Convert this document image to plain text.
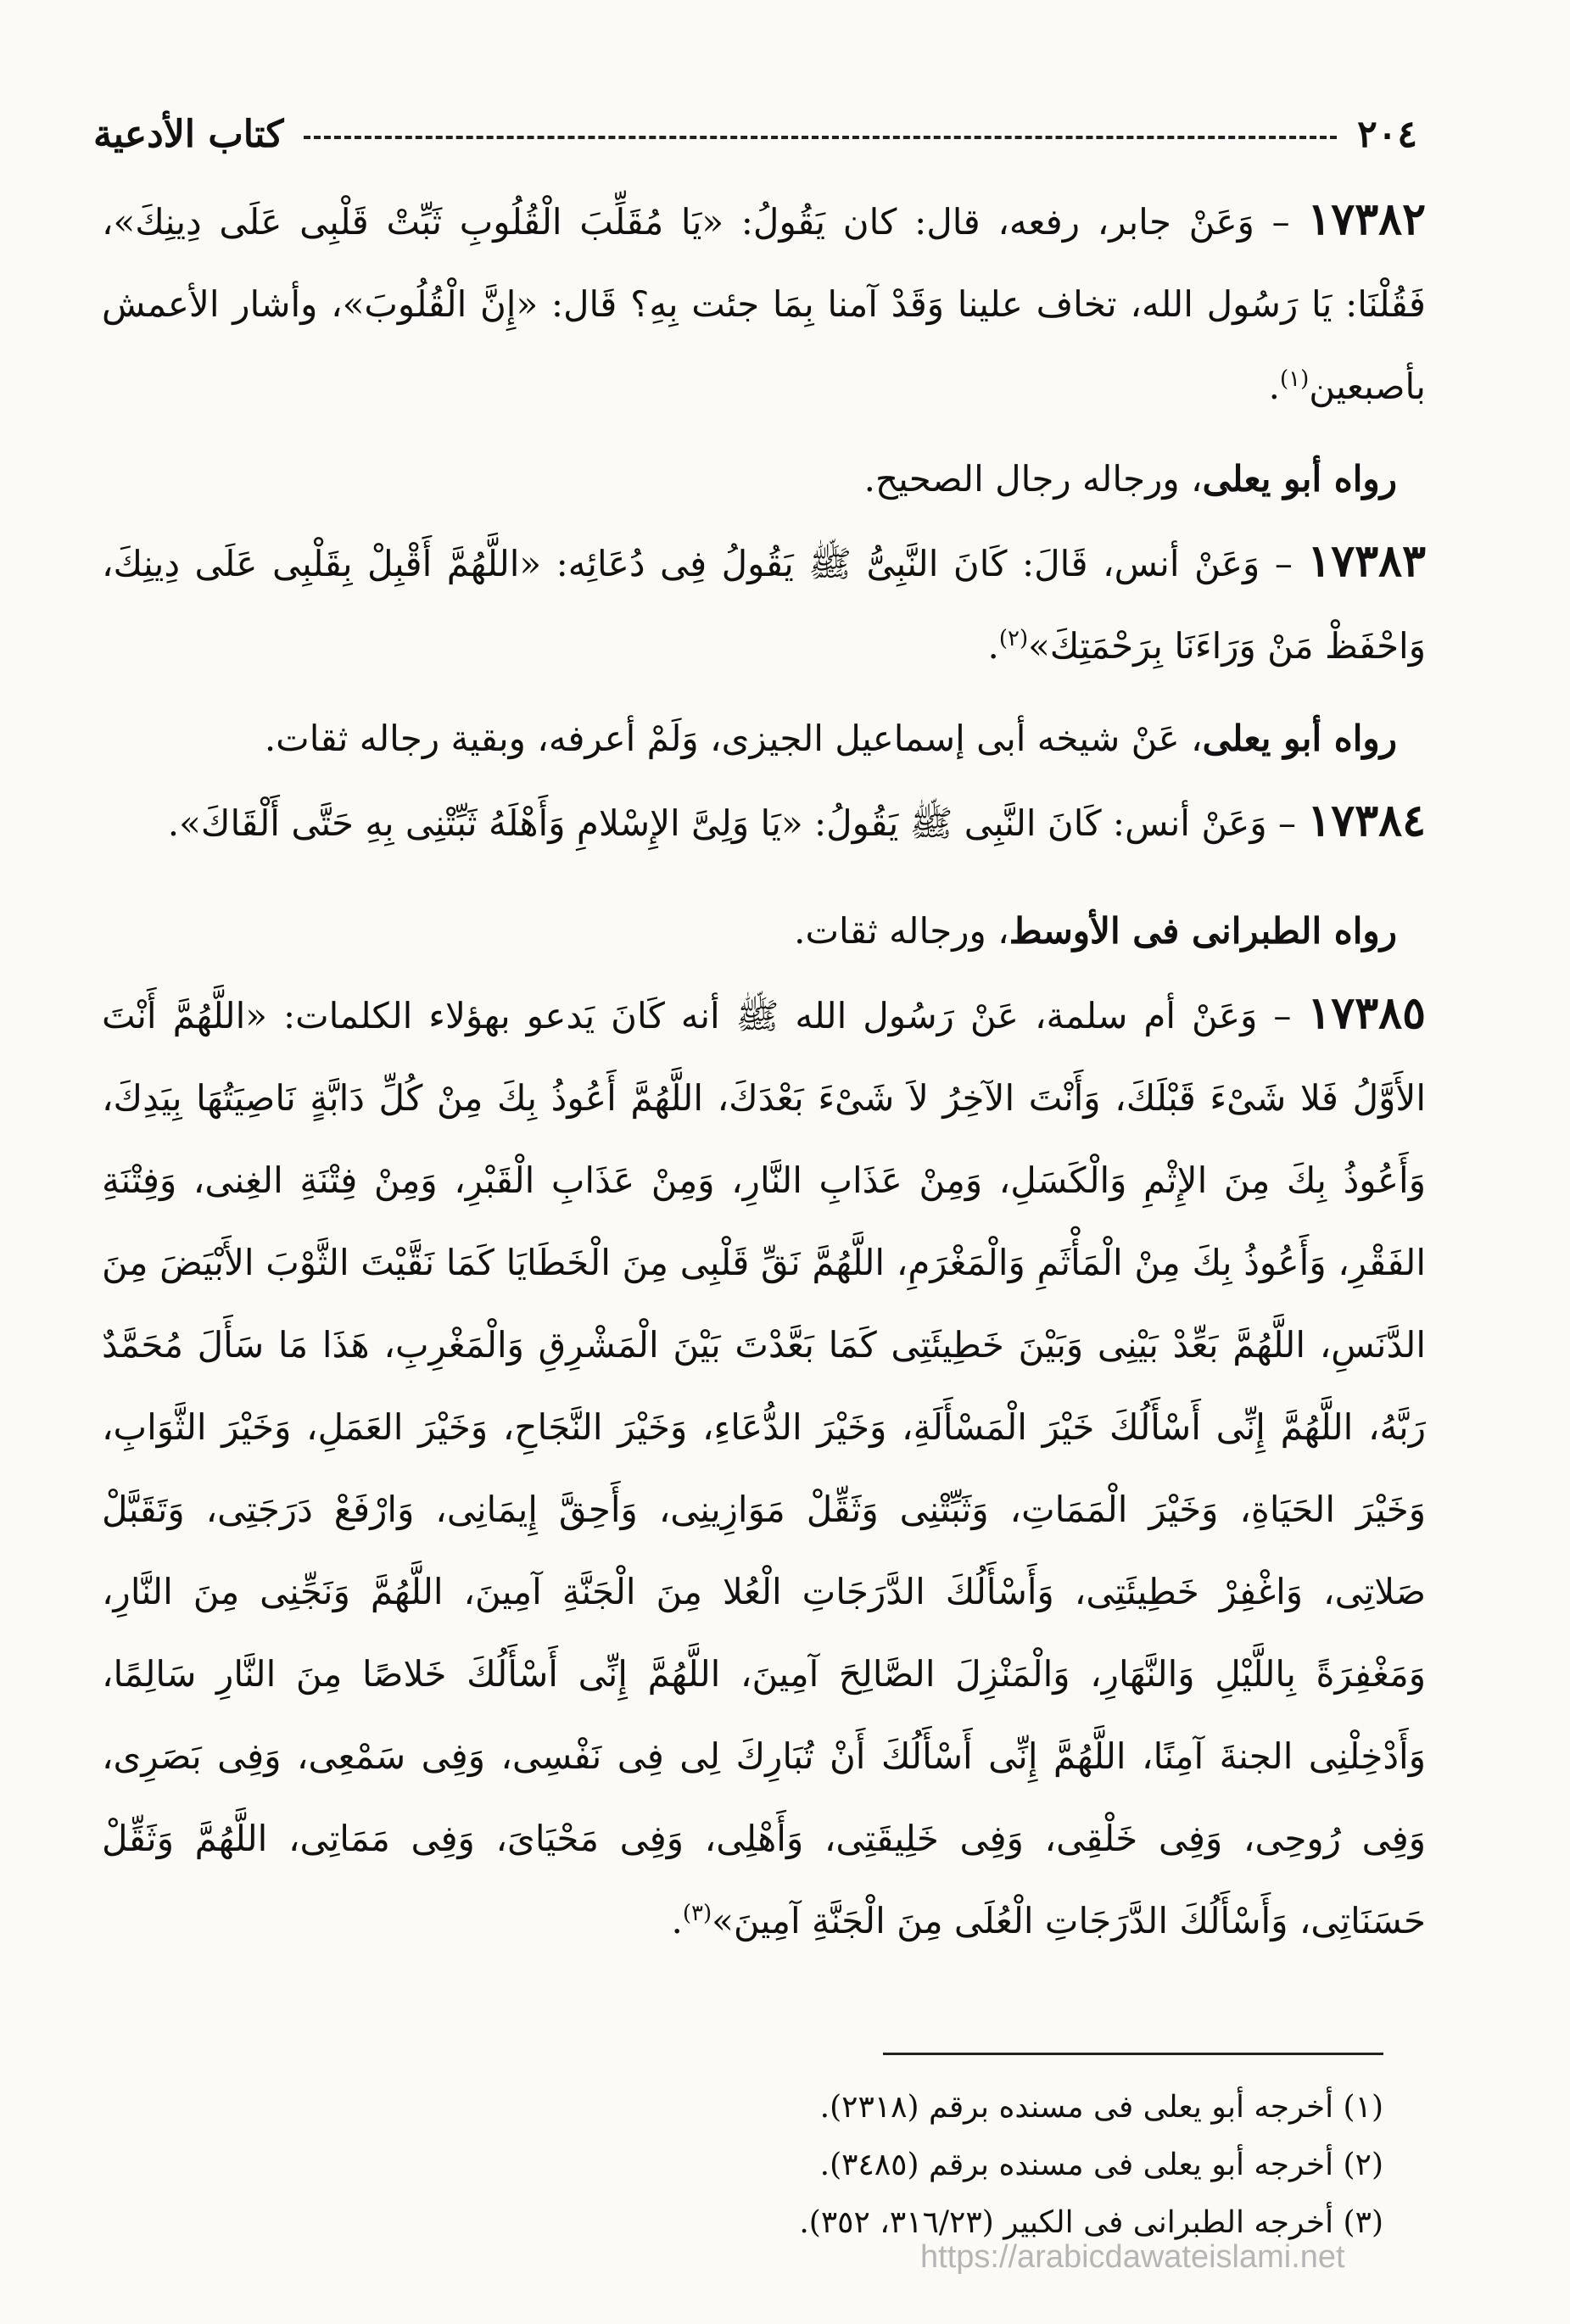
٢٠٤
كتاب الأدعية

١٧٣٨٢ – وَعَنْ جابر، رفعه، قال: كان يَقُولُ: «يَا مُقَلِّبَ الْقُلُوبِ ثَبِّتْ قَلْبِى عَلَى دِينِكَ»، فَقُلْنَا: يَا رَسُول الله، تخاف علينا وَقَدْ آمنا بِمَا جئت بِهِ؟ قَال: «إِنَّ الْقُلُوبَ»، وأشار الأعمش بأصبعين$^{(١)}$.

رواه أبو يعلى، ورجاله رجال الصحيح.

١٧٣٨٣ – وَعَنْ أنس، قَالَ: كَانَ النَّبِىُّ ﷺ يَقُولُ فِى دُعَائِه: «اللَّهُمَّ أَقْبِلْ بِقَلْبِى عَلَى دِينِكَ، وَاحْفَظْ مَنْ وَرَاءَنَا بِرَحْمَتِكَ»$^{(٢)}$.

رواه أبو يعلى، عَنْ شيخه أبى إسماعيل الجيزى، وَلَمْ أعرفه، وبقية رجاله ثقات.

١٧٣٨٤ – وَعَنْ أنس: كَانَ النَّبِى ﷺ يَقُولُ: «يَا وَلِىَّ الإِسْلامِ وَأَهْلَهُ ثَبِّتْنِى بِهِ حَتَّى أَلْقَاكَ».

رواه الطبرانى فى الأوسط، ورجاله ثقات.

١٧٣٨٥ – وَعَنْ أم سلمة، عَنْ رَسُول الله ﷺ أنه كَانَ يَدعو بهؤلاء الكلمات: «اللَّهُمَّ أَنْتَ الأَوَّلُ فَلا شَىْءَ قَبْلَكَ، وَأَنْتَ الآخِرُ لاَ شَىْءَ بَعْدَكَ، اللَّهُمَّ أَعُوذُ بِكَ مِنْ كُلِّ دَابَّةٍ نَاصِيَتُهَا بِيَدِكَ، وَأَعُوذُ بِكَ مِنَ الإِثْمِ وَالْكَسَلِ، وَمِنْ عَذَابِ النَّارِ، وَمِنْ عَذَابِ الْقَبْرِ، وَمِنْ فِتْنَةِ الغِنى، وَفِتْنَةِ الفَقْرِ، وَأَعُوذُ بِكَ مِنْ الْمَأْثَمِ وَالْمَغْرَمِ، اللَّهُمَّ نَقِّ قَلْبِى مِنَ الْخَطَايَا كَمَا نَقَّيْتَ الثَّوْبَ الأَبْيَضَ مِنَ الدَّنَسِ، اللَّهُمَّ بَعِّدْ بَيْنِى وَبَيْنَ خَطِيئَتِى كَمَا بَعَّدْتَ بَيْنَ الْمَشْرِقِ وَالْمَغْرِبِ، هَذَا مَا سَأَلَ مُحَمَّدٌ رَبَّهُ، اللَّهُمَّ إِنِّى أَسْأَلُكَ خَيْرَ الْمَسْأَلَةِ، وَخَيْرَ الدُّعَاءِ، وَخَيْرَ النَّجَاحِ، وَخَيْرَ العَمَلِ، وَخَيْرَ الثَّوَابِ، وَخَيْرَ الحَيَاةِ، وَخَيْرَ الْمَمَاتِ، وَثَبِّتْنِى وَثَقِّلْ مَوَازِينِى، وَأَحِقَّ إِيمَانِى، وَارْفَعْ دَرَجَتِى، وَتَقَبَّلْ صَلاتِى، وَاغْفِرْ خَطِيئَتِى، وَأَسْأَلُكَ الدَّرَجَاتِ الْعُلا مِنَ الْجَنَّةِ آمِينَ، اللَّهُمَّ وَنَجِّنِى مِنَ النَّارِ، وَمَغْفِرَةً بِاللَّيْلِ وَالنَّهَارِ، وَالْمَنْزِلَ الصَّالِحَ آمِينَ، اللَّهُمَّ إِنِّى أَسْأَلُكَ خَلاصًا مِنَ النَّارِ سَالِمًا، وَأَدْخِلْنِى الجنةَ آمِنًا، اللَّهُمَّ إِنِّى أَسْأَلُكَ أَنْ تُبَارِكَ لِى فِى نَفْسِى، وَفِى سَمْعِى، وَفِى بَصَرِى، وَفِى رُوحِى، وَفِى خَلْقِى، وَفِى خَلِيقَتِى، وَأَهْلِى، وَفِى مَحْيَاىَ، وَفِى مَمَاتِى، اللَّهُمَّ وَثَقِّلْ حَسَنَاتِى، وَأَسْأَلُكَ الدَّرَجَاتِ الْعُلَى مِنَ الْجَنَّةِ آمِينَ»$^{(٣)}$.

(١) أخرجه أبو يعلى فى مسنده برقم (٢٣١٨).

(٢) أخرجه أبو يعلى فى مسنده برقم (٣٤٨٥).

(٣) أخرجه الطبرانى فى الكبير (٣١٦/٢٣، ٣٥٢).

https://arabicdawateislami.net
